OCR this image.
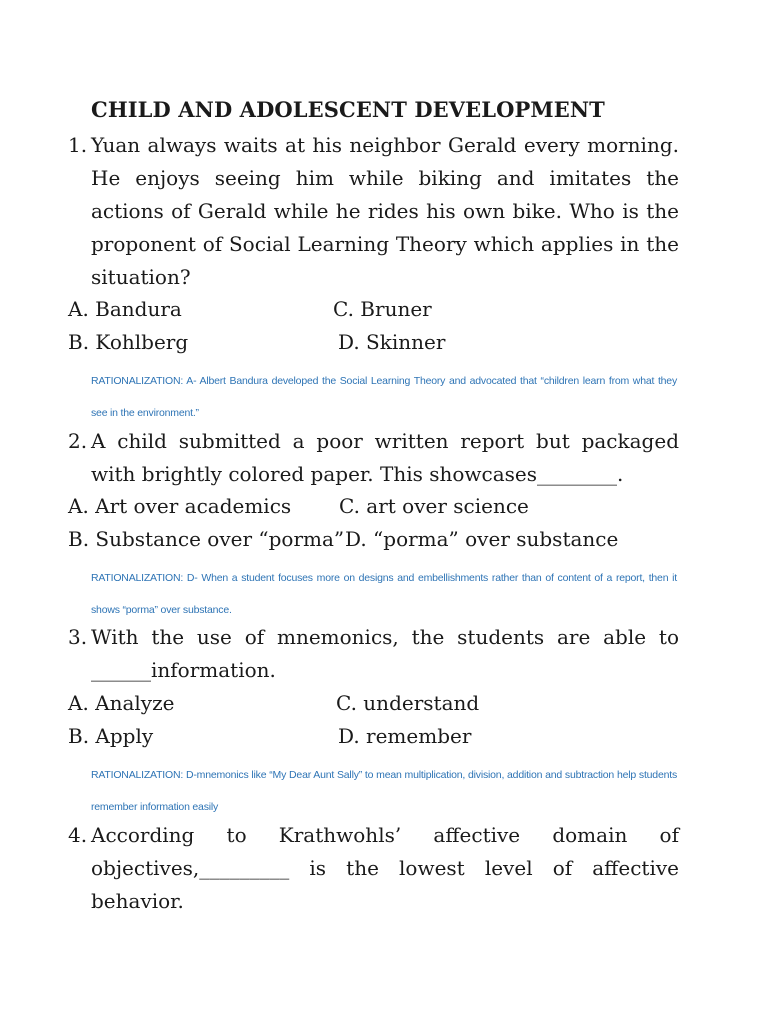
CHILD AND ADOLESCENT DEVELOPMENT
1. Yuan always waits at his neighbor Gerald every morning. He enjoys seeing him while biking and imitates the actions of Gerald while he rides his own bike. Who is the proponent of Social Learning Theory which applies in the situation?
A. Bandura	C. Bruner
B. Kohlberg	D. Skinner
RATIONALIZATION: A- Albert Bandura developed the Social Learning Theory and advocated that “children learn from what they see in the environment.”
2. A child submitted a poor written report but packaged with brightly colored paper. This showcases________.
A. Art over academics C. art over science
B. Substance over “porma” D. “porma” over substance
RATIONALIZATION: D- When a student focuses more on designs and embellishments rather than of content of a report, then it shows “porma” over substance.
3. With the use of mnemonics, the students are able to ______information.
A. Analyze	C. understand
B. Apply	D. remember
RATIONALIZATION: D-mnemonics like “My Dear Aunt Sally” to mean multiplication, division, addition and subtraction help students remember information easily
4. According to Krathwohls’ affective domain of objectives,_________ is the lowest level of affective behavior.
